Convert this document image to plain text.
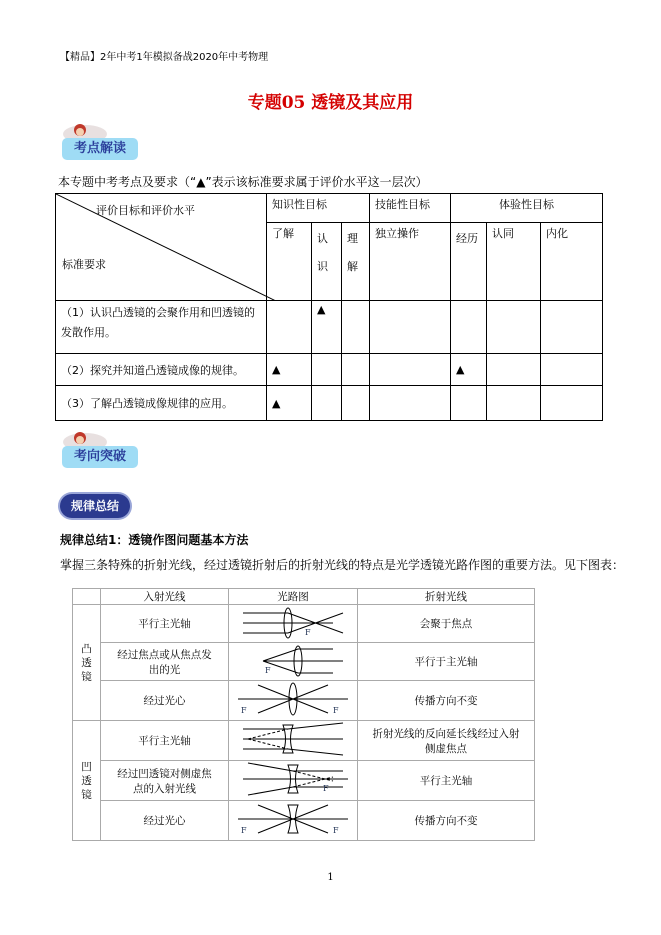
【精品】2年中考1年模拟备战2020年中考物理
专题05 透镜及其应用
考点解读
本专题中考考点及要求（“▲”表示该标准要求属于评价水平这一层次）
评价目标和评价水平
标准要求	知识性目标			技能性目标	体验性目标		
	了解	认识	理解	独立操作	经历	认同	内化
（1）认识凸透镜的会聚作用和凹透镜的发散作用。		▲					
（2）探究并知道凸透镜成像的规律。	▲				▲		
（3）了解凸透镜成像规律的应用。	▲						
考向突破
规律总结
规律总结1：透镜作图问题基本方法
掌握三条特殊的折射光线，经过透镜折射后的折射光线的特点是光学透镜光路作图的重要方法。见下图表：
	入射光线	光路图	折射光线
凸透镜	平行主光轴	F	会聚于焦点
	经过焦点或从焦点发出的光	F	平行于主光轴
	经过光心	F F	传播方向不变
凹透镜	平行主光轴		折射光线的反向延长线经过入射侧虚焦点
	经过凹透镜对侧虚焦点的入射光线	F	平行主光轴
	经过光心	F F	传播方向不变
1
